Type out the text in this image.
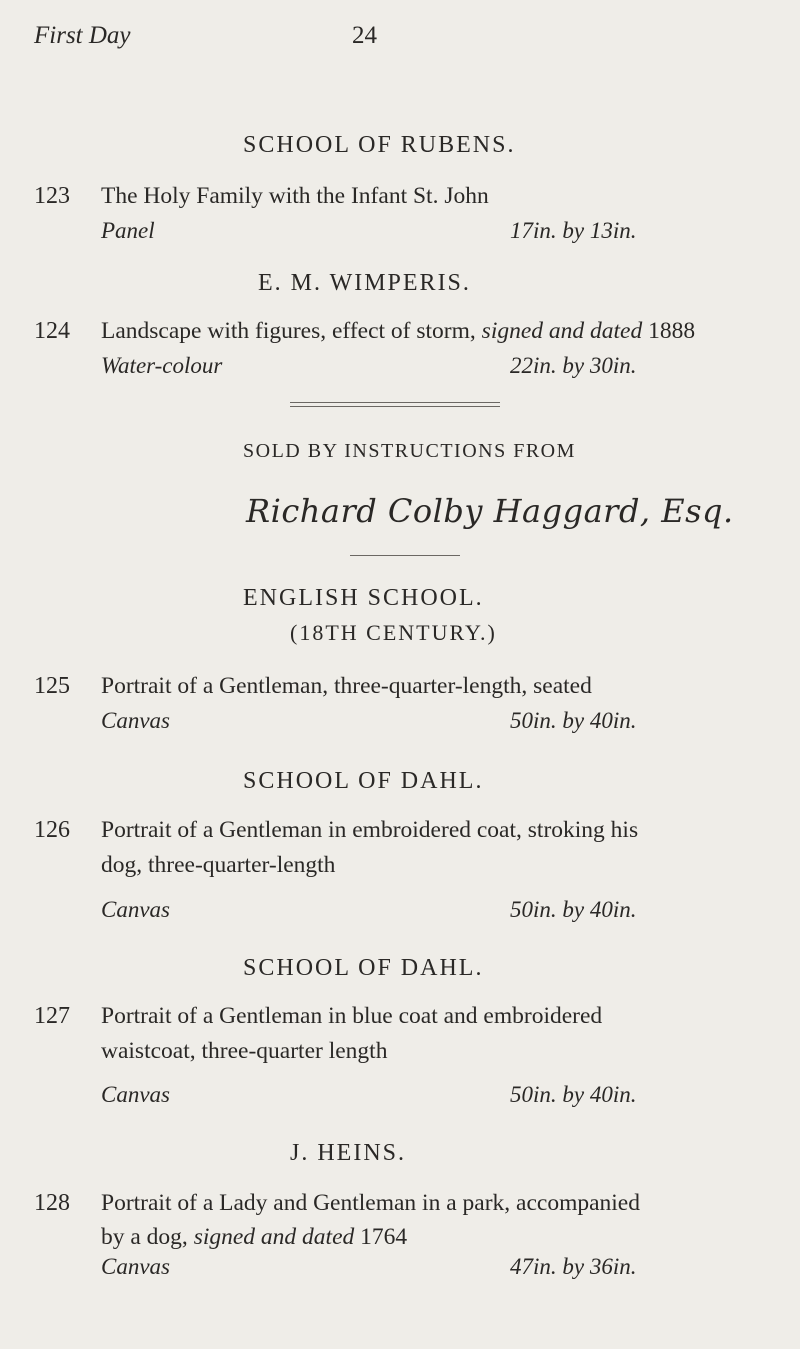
First Day	24
SCHOOL OF RUBENS.
123 The Holy Family with the Infant St. John
Panel	17in. by 13in.
E. M. WIMPERIS.
124 Landscape with figures, effect of storm, signed and dated 1888
Water-colour	22in. by 30in.
SOLD BY INSTRUCTIONS FROM
Richard Colby Haggard, Esq.
ENGLISH SCHOOL.
(18TH CENTURY.)
125 Portrait of a Gentleman, three-quarter-length, seated
Canvas	50in. by 40in.
SCHOOL OF DAHL.
126 Portrait of a Gentleman in embroidered coat, stroking his
dog, three-quarter-length
Canvas	50in. by 40in.
SCHOOL OF DAHL.
127 Portrait of a Gentleman in blue coat and embroidered
waistcoat, three-quarter length
Canvas	50in. by 40in.
J. HEINS.
128 Portrait of a Lady and Gentleman in a park, accompanied
by a dog, signed and dated 1764
Canvas	47in. by 36in.
